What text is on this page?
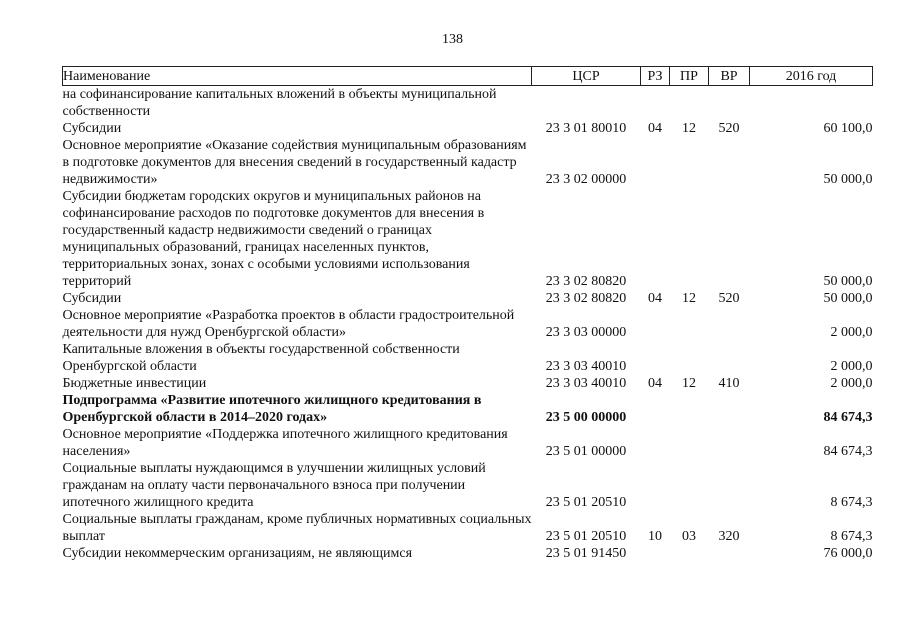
138
Наименование	ЦСР	РЗ	ПР	ВР	2016 год
на софинансирование капитальных вложений в объекты муниципальной собственности					
Субсидии	23 3 01 80010	04	12	520	60 100,0
Основное мероприятие «Оказание содействия муниципальным образованиям в подготовке документов для внесения сведений в государственный кадастр недвижимости»	23 3 02 00000				50 000,0
Субсидии бюджетам городских округов и муниципальных районов на софинансирование расходов по подготовке документов для внесения в государственный кадастр недвижимости сведений о границах муниципальных образований, границах населенных пунктов, территориальных зонах, зонах с особыми условиями использования территорий	23 3 02 80820				50 000,0
Субсидии	23 3 02 80820	04	12	520	50 000,0
Основное мероприятие «Разработка проектов в области градостроительной деятельности для нужд Оренбургской области»	23 3 03 00000				2 000,0
Капитальные вложения в объекты государственной собственности Оренбургской области	23 3 03 40010				2 000,0
Бюджетные инвестиции	23 3 03 40010	04	12	410	2 000,0
Подпрограмма «Развитие ипотечного жилищного кредитования в Оренбургской области в 2014–2020 годах»	23 5 00 00000				84 674,3
Основное мероприятие «Поддержка ипотечного жилищного кредитования населения»	23 5 01 00000				84 674,3
Социальные выплаты нуждающимся в улучшении жилищных условий гражданам на оплату части первоначального взноса при получении ипотечного жилищного кредита	23 5 01 20510				8 674,3
Социальные выплаты гражданам, кроме публичных нормативных социальных выплат	23 5 01 20510	10	03	320	8 674,3
Субсидии некоммерческим организациям, не являющимся	23 5 01 91450				76 000,0
